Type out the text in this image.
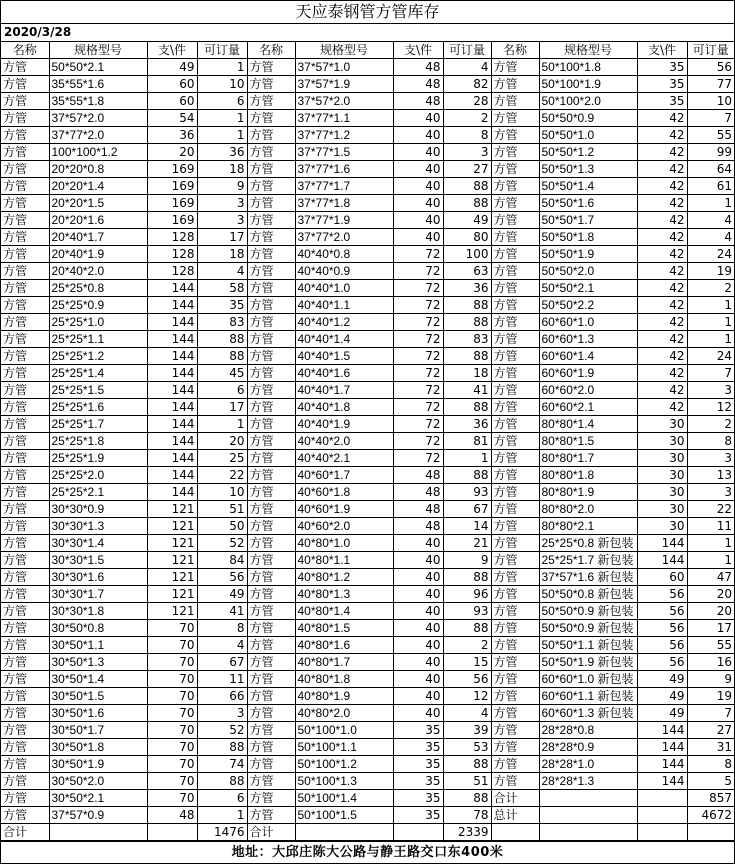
天应泰钢管方管库存
2020/3/28
名称	规格型号	支\件	可订量	名称	规格型号	支\件	可订量	名称	规格型号	支\件	可订量
方管	50*50*2.1	49	1	方管	37*57*1.0	48	4	方管	50*100*1.8	35	56
方管	35*55*1.6	60	10	方管	37*57*1.9	48	82	方管	50*100*1.9	35	77
方管	35*55*1.8	60	6	方管	37*57*2.0	48	28	方管	50*100*2.0	35	10
方管	37*57*2.0	54	1	方管	37*77*1.1	40	2	方管	50*50*0.9	42	7
方管	37*77*2.0	36	1	方管	37*77*1.2	40	8	方管	50*50*1.0	42	55
方管	100*100*1.2	20	36	方管	37*77*1.5	40	3	方管	50*50*1.2	42	99
方管	20*20*0.8	169	18	方管	37*77*1.6	40	27	方管	50*50*1.3	42	64
方管	20*20*1.4	169	9	方管	37*77*1.7	40	88	方管	50*50*1.4	42	61
方管	20*20*1.5	169	3	方管	37*77*1.8	40	88	方管	50*50*1.6	42	1
方管	20*20*1.6	169	3	方管	37*77*1.9	40	49	方管	50*50*1.7	42	4
方管	20*40*1.7	128	17	方管	37*77*2.0	40	80	方管	50*50*1.8	42	4
方管	20*40*1.9	128	18	方管	40*40*0.8	72	100	方管	50*50*1.9	42	24
方管	20*40*2.0	128	4	方管	40*40*0.9	72	63	方管	50*50*2.0	42	19
方管	25*25*0.8	144	58	方管	40*40*1.0	72	36	方管	50*50*2.1	42	2
方管	25*25*0.9	144	35	方管	40*40*1.1	72	88	方管	50*50*2.2	42	1
方管	25*25*1.0	144	83	方管	40*40*1.2	72	88	方管	60*60*1.0	42	1
方管	25*25*1.1	144	88	方管	40*40*1.4	72	83	方管	60*60*1.3	42	1
方管	25*25*1.2	144	88	方管	40*40*1.5	72	88	方管	60*60*1.4	42	24
方管	25*25*1.4	144	45	方管	40*40*1.6	72	18	方管	60*60*1.9	42	7
方管	25*25*1.5	144	6	方管	40*40*1.7	72	41	方管	60*60*2.0	42	3
方管	25*25*1.6	144	17	方管	40*40*1.8	72	88	方管	60*60*2.1	42	12
方管	25*25*1.7	144	1	方管	40*40*1.9	72	36	方管	80*80*1.4	30	2
方管	25*25*1.8	144	20	方管	40*40*2.0	72	81	方管	80*80*1.5	30	8
方管	25*25*1.9	144	25	方管	40*40*2.1	72	1	方管	80*80*1.7	30	3
方管	25*25*2.0	144	22	方管	40*60*1.7	48	88	方管	80*80*1.8	30	13
方管	25*25*2.1	144	10	方管	40*60*1.8	48	93	方管	80*80*1.9	30	3
方管	30*30*0.9	121	51	方管	40*60*1.9	48	67	方管	80*80*2.0	30	22
方管	30*30*1.3	121	50	方管	40*60*2.0	48	14	方管	80*80*2.1	30	11
方管	30*30*1.4	121	52	方管	40*80*1.0	40	21	方管	25*25*0.8 新包装	144	1
方管	30*30*1.5	121	84	方管	40*80*1.1	40	9	方管	25*25*1.7 新包装	144	1
方管	30*30*1.6	121	56	方管	40*80*1.2	40	88	方管	37*57*1.6 新包装	60	47
方管	30*30*1.7	121	49	方管	40*80*1.3	40	96	方管	50*50*0.8 新包装	56	20
方管	30*30*1.8	121	41	方管	40*80*1.4	40	93	方管	50*50*0.9 新包装	56	20
方管	30*50*0.8	70	8	方管	40*80*1.5	40	88	方管	50*50*0.9 新包装	56	17
方管	30*50*1.1	70	4	方管	40*80*1.6	40	2	方管	50*50*1.1 新包装	56	55
方管	30*50*1.3	70	67	方管	40*80*1.7	40	15	方管	50*50*1.9 新包装	56	16
方管	30*50*1.4	70	11	方管	40*80*1.8	40	56	方管	60*60*1.0 新包装	49	9
方管	30*50*1.5	70	66	方管	40*80*1.9	40	12	方管	60*60*1.1 新包装	49	19
方管	30*50*1.6	70	3	方管	40*80*2.0	40	4	方管	60*60*1.3 新包装	49	7
方管	30*50*1.7	70	52	方管	50*100*1.0	35	39	方管	28*28*0.8	144	27
方管	30*50*1.8	70	88	方管	50*100*1.1	35	53	方管	28*28*0.9	144	31
方管	30*50*1.9	70	74	方管	50*100*1.2	35	88	方管	28*28*1.0	144	8
方管	30*50*2.0	70	88	方管	50*100*1.3	35	51	方管	28*28*1.3	144	5
方管	30*50*2.1	70	6	方管	50*100*1.4	35	88	合计			857
方管	37*57*0.9	48	1	方管	50*100*1.5	35	78	总计			4672
合计			1476	合计			2339				
地址：大邱庄陈大公路与静王路交口东400米
